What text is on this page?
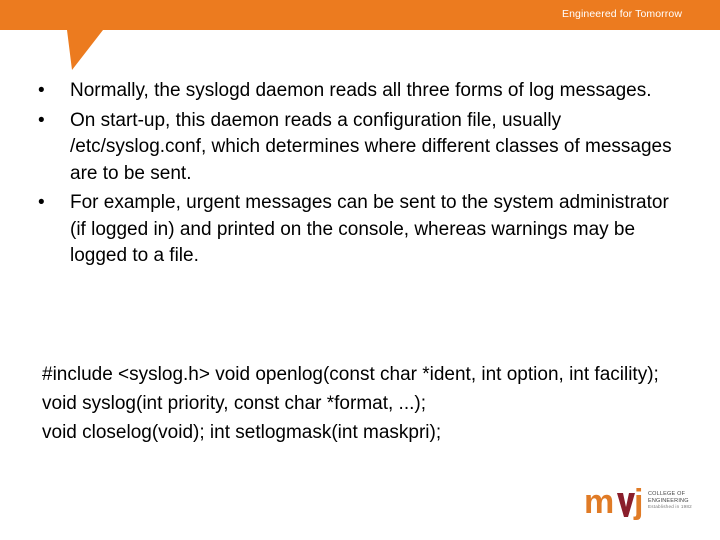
Engineered for Tomorrow
• Normally, the syslogd daemon reads all three forms of log messages.
• On start-up, this daemon reads a configuration file, usually /etc/syslog.conf, which determines where different classes of messages are to be sent.
• For example, urgent messages can be sent to the system administrator (if logged in) and printed on the console, whereas warnings may be logged to a file.
#include <syslog.h> void openlog(const char *ident, int option, int facility);
void syslog(int priority, const char *format, ...);
void closelog(void); int setlogmask(int maskpri);
m j COLLEGE OF
ENGINEERING
Established in 1982
